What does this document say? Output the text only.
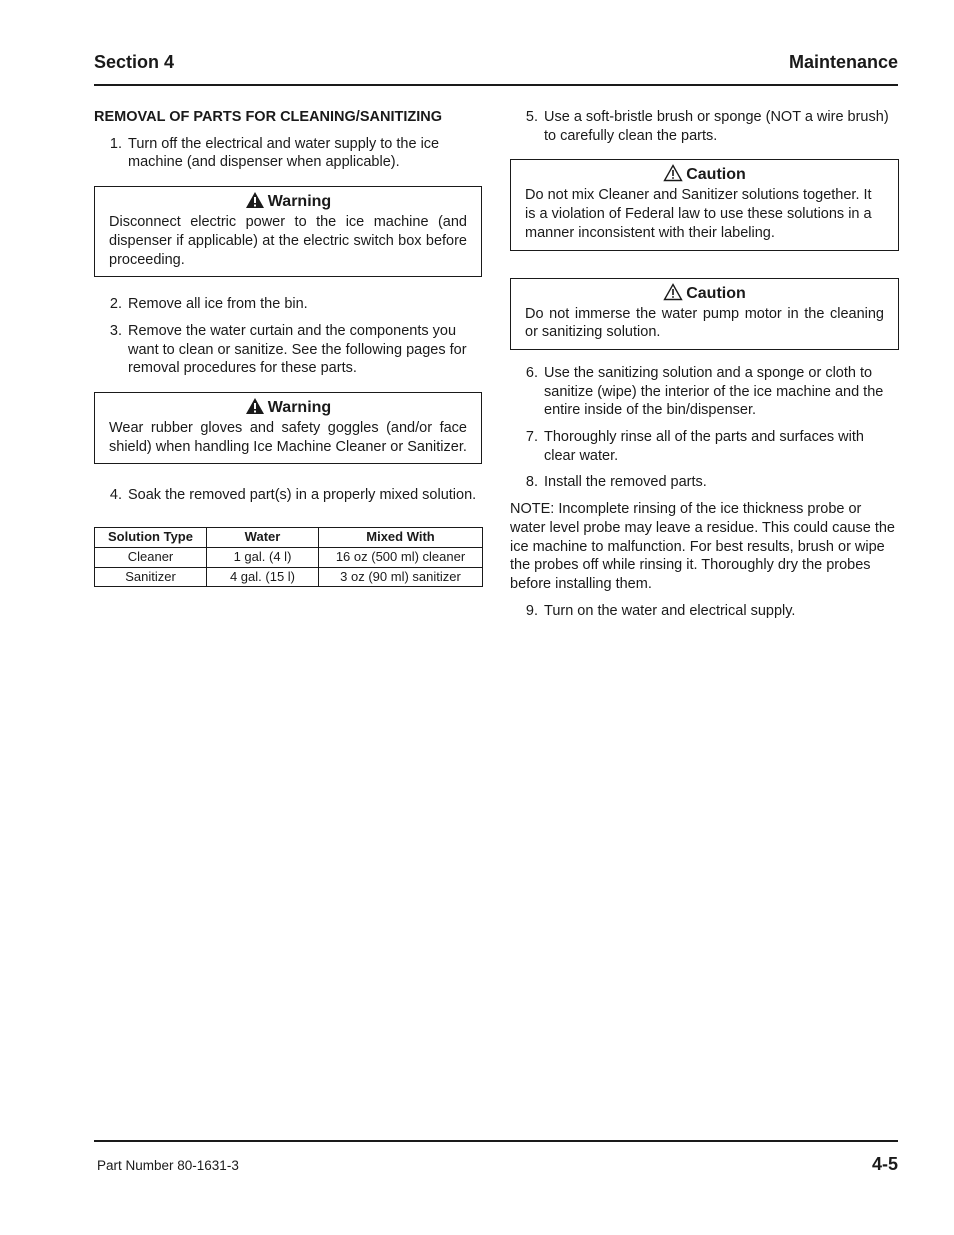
Section 4	Maintenance
REMOVAL OF PARTS FOR CLEANING/SANITIZING
1. Turn off the electrical and water supply to the ice machine (and dispenser when applicable).
Warning
Disconnect electric power to the ice machine (and dispenser if applicable) at the electric switch box before proceeding.
2. Remove all ice from the bin.
3. Remove the water curtain and the components you want to clean or sanitize. See the following pages for removal procedures for these parts.
Warning
Wear rubber gloves and safety goggles (and/or face shield) when handling Ice Machine Cleaner or Sanitizer.
4. Soak the removed part(s) in a properly mixed solution.
Solution Type	Water	Mixed With
Cleaner	1 gal. (4 l)	16 oz (500 ml) cleaner
Sanitizer	4 gal. (15 l)	3 oz (90 ml) sanitizer
5. Use a soft-bristle brush or sponge (NOT a wire brush) to carefully clean the parts.
Caution
Do not mix Cleaner and Sanitizer solutions together. It is a violation of Federal law to use these solutions in a manner inconsistent with their labeling.
Caution
Do not immerse the water pump motor in the cleaning or sanitizing solution.
6. Use the sanitizing solution and a sponge or cloth to sanitize (wipe) the interior of the ice machine and the entire inside of the bin/dispenser.
7. Thoroughly rinse all of the parts and surfaces with clear water.
8. Install the removed parts.
NOTE: Incomplete rinsing of the ice thickness probe or water level probe may leave a residue. This could cause the ice machine to malfunction. For best results, brush or wipe the probes off while rinsing it. Thoroughly dry the probes before installing them.
9. Turn on the water and electrical supply.
Part Number 80-1631-3	4-5
